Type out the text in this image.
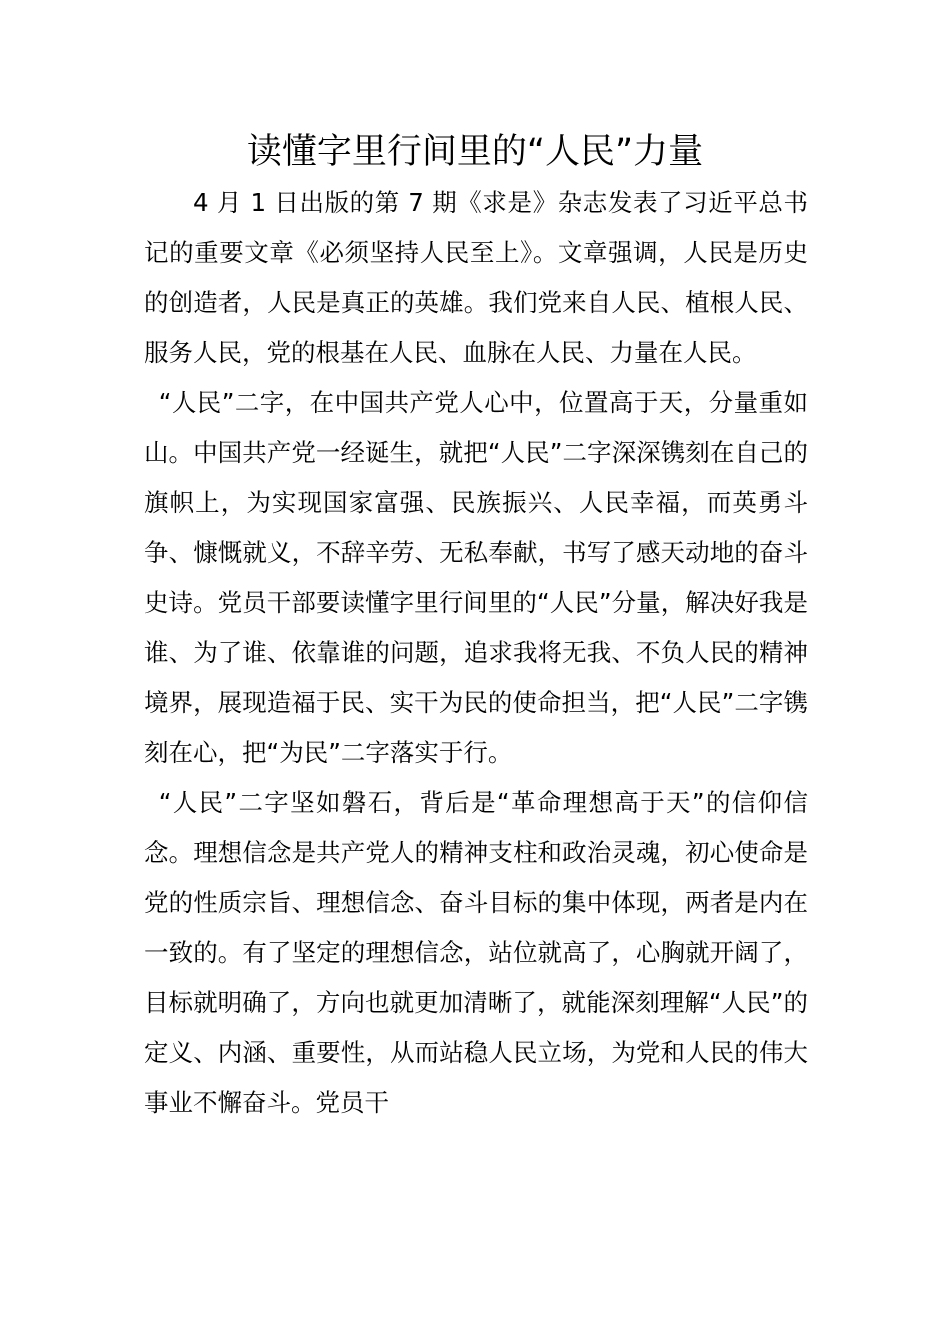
读懂字里行间里的“人民”力量

4 月 1 日出版的第 7 期《求是》杂志发表了习近平总书记的重要文章《必须坚持人民至上》。文章强调，人民是历史的创造者，人民是真正的英雄。我们党来自人民、植根人民、服务人民，党的根基在人民、血脉在人民、力量在人民。

“人民”二字，在中国共产党人心中，位置高于天，分量重如山。中国共产党一经诞生，就把“人民”二字深深镌刻在自己的旗帜上，为实现国家富强、民族振兴、人民幸福，而英勇斗争、慷慨就义，不辞辛劳、无私奉献，书写了感天动地的奋斗史诗。党员干部要读懂字里行间里的“人民”分量，解决好我是谁、为了谁、依靠谁的问题，追求我将无我、不负人民的精神境界，展现造福于民、实干为民的使命担当，把“人民”二字镌刻在心，把“为民”二字落实于行。

“人民”二字坚如磐石，背后是“革命理想高于天”的信仰信念。理想信念是共产党人的精神支柱和政治灵魂，初心使命是党的性质宗旨、理想信念、奋斗目标的集中体现，两者是内在一致的。有了坚定的理想信念，站位就高了，心胸就开阔了，目标就明确了，方向也就更加清晰了，就能深刻理解“人民”的定义、内涵、重要性，从而站稳人民立场，为党和人民的伟大事业不懈奋斗。党员干
